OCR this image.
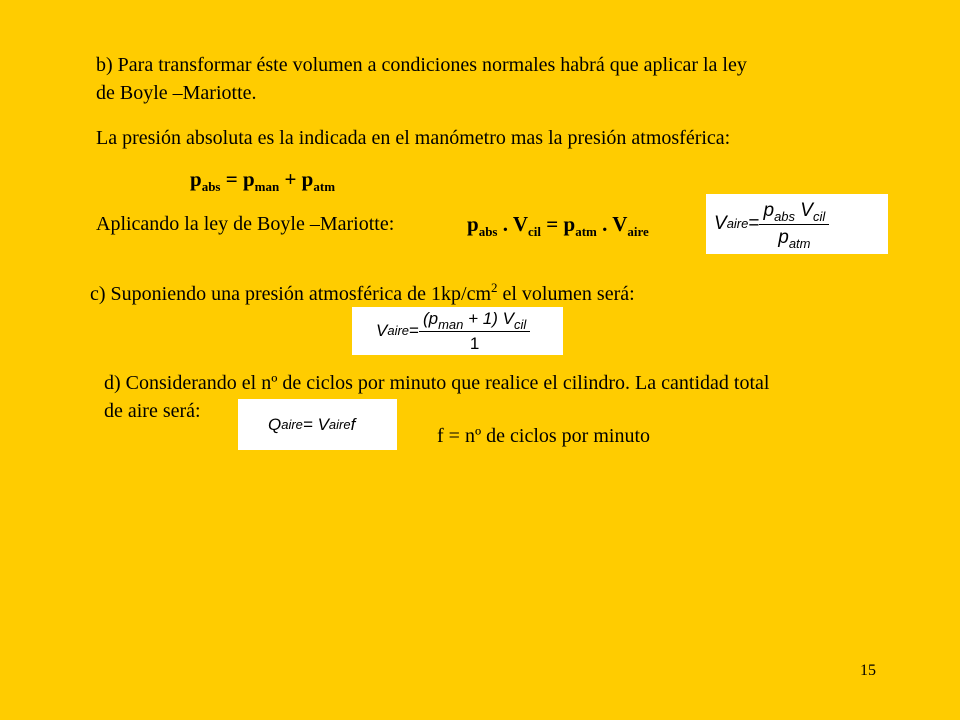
b) Para transformar éste volumen a condiciones normales habrá que aplicar la ley
de Boyle –Mariotte.
La presión absoluta es la indicada en el manómetro mas la presión atmosférica:
$p_{abs} = p_{man} + p_{atm}$
Aplicando la ley de Boyle –Mariotte:	$p_{abs}$ . $V_{cil} = p_{atm}$ . $V_{aire}$	V aire = $\frac{p_{abs} V_{cil}}{p_{atm}}$
c) Suponiendo una presión atmosférica de $1kp/cm^2$ el volumen será:
V aire = $\frac{(p_{man} + 1) V_{cil}}{1}$
d) Considerando el nº de ciclos por minuto que realice el cilindro. La cantidad total
de aire será:
Q aire = V aire f
f = nº de ciclos por minuto
15
